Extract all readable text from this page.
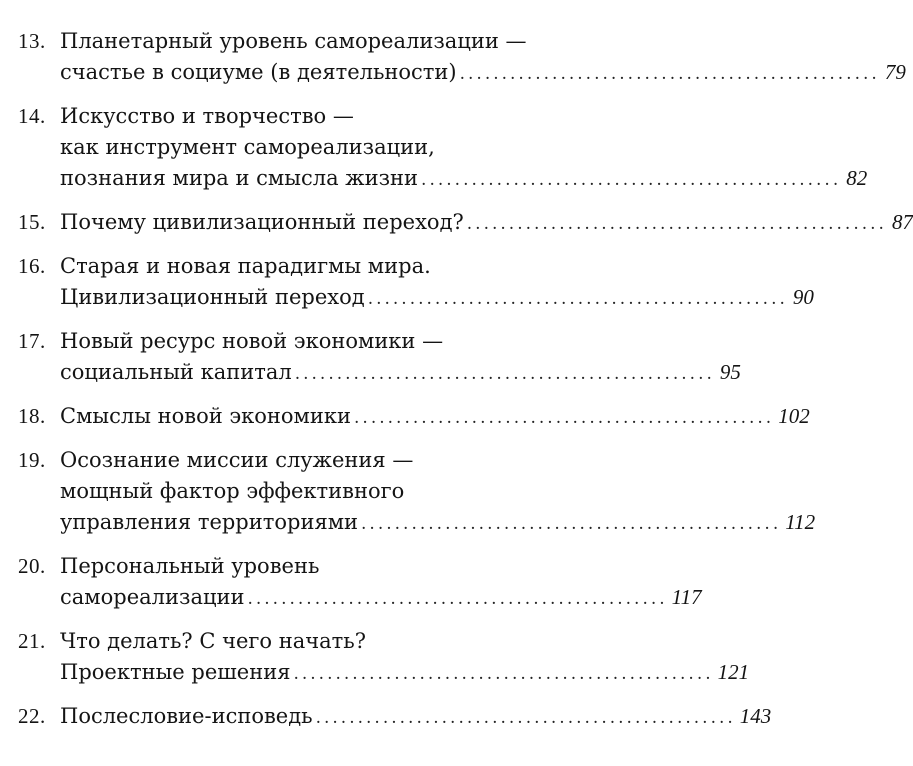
13. Планетарный уровень самореализации —
счастье в социуме (в деятельности) .................................................. 79
14. Искусство и творчество —
как инструмент самореализации,
познания мира и смысла жизни .................................................. 82
15. Почему цивилизационный переход? .................................................. 87
16. Старая и новая парадигмы мира.
Цивилизационный переход .................................................. 90
17. Новый ресурс новой экономики —
социальный капитал .................................................. 95
18. Смыслы новой экономики .................................................. 102
19. Осознание миссии служения —
мощный фактор эффективного
управления территориями .................................................. 112
20. Персональный уровень
самореализации .................................................. 117
21. Что делать? С чего начать?
Проектные решения .................................................. 121
22. Послесловие-исповедь .................................................. 143
